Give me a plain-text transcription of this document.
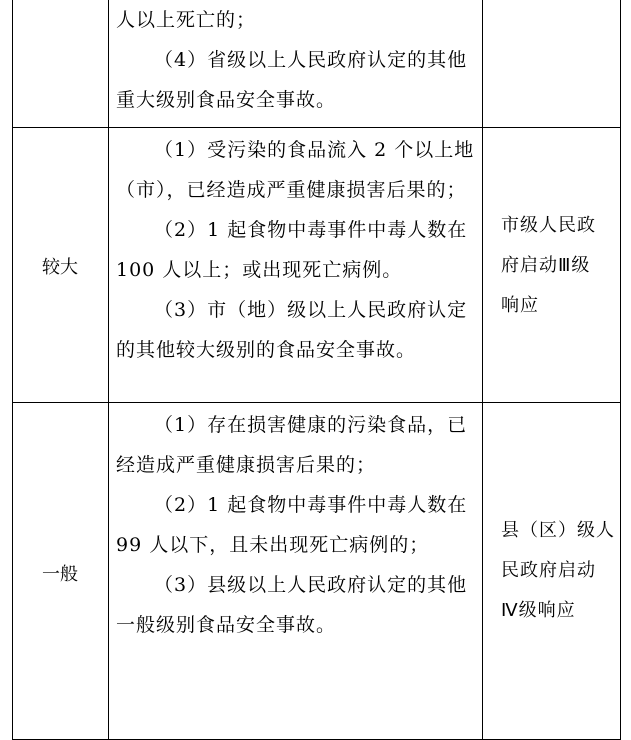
人以上死亡的；
（4）省级以上人民政府认定的其他
重大级别食品安全事故。
较大
（1）受污染的食品流入 2 个以上地
（市），已经造成严重健康损害后果的；
（2）1 起食物中毒事件中毒人数在
100 人以上；或出现死亡病例。
（3）市（地）级以上人民政府认定
的其他较大级别的食品安全事故。
市级人民政
府启动Ⅲ级
响应
一般
（1）存在损害健康的污染食品，已
经造成严重健康损害后果的；
（2）1 起食物中毒事件中毒人数在
99 人以下，且未出现死亡病例的；
（3）县级以上人民政府认定的其他
一般级别食品安全事故。
县（区）级人
民政府启动
Ⅳ级响应
